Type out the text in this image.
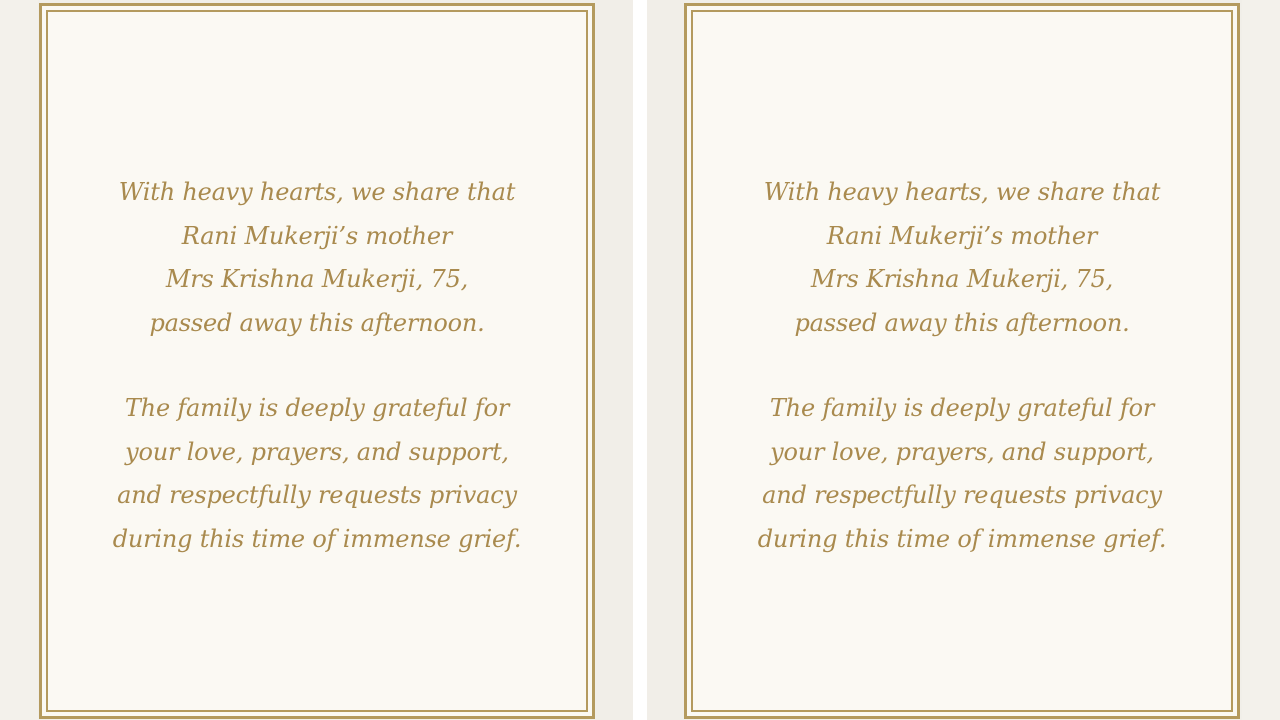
With heavy hearts, we share that
Rani Mukerji’s mother
Mrs Krishna Mukerji, 75,
passed away this afternoon.
The family is deeply grateful for
your love, prayers, and support,
and respectfully requests privacy
during this time of immense grief.
With heavy hearts, we share that
Rani Mukerji’s mother
Mrs Krishna Mukerji, 75,
passed away this afternoon.
The family is deeply grateful for
your love, prayers, and support,
and respectfully requests privacy
during this time of immense grief.
